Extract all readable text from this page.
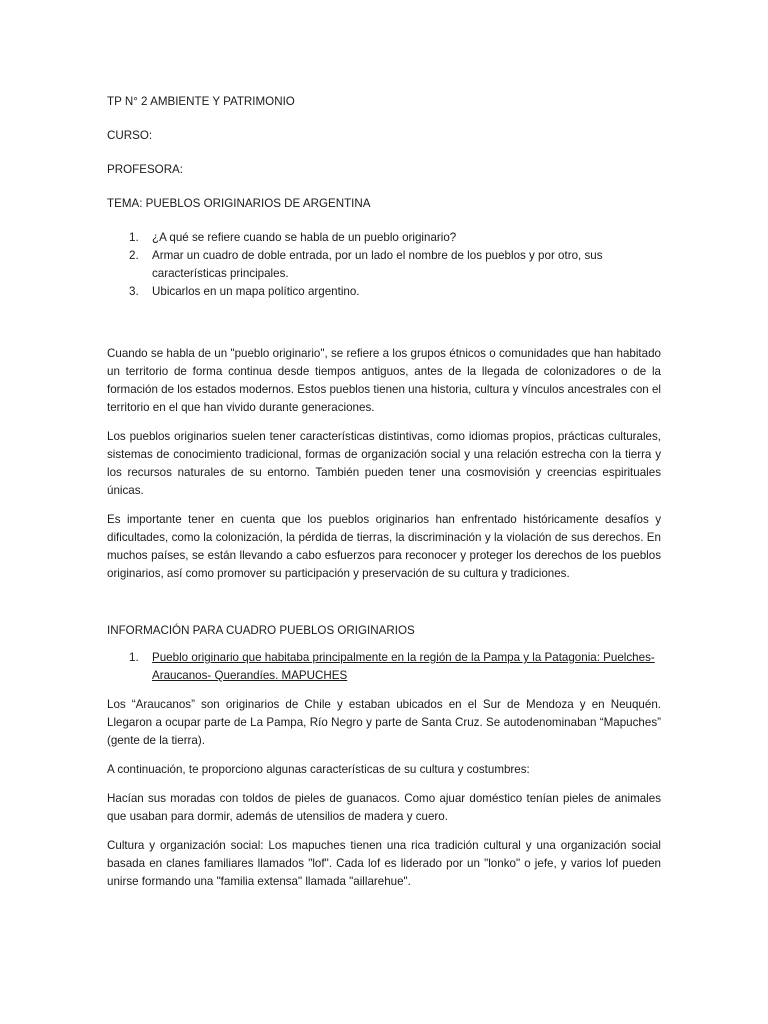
TP N° 2 AMBIENTE Y PATRIMONIO

CURSO:

PROFESORA:

TEMA: PUEBLOS ORIGINARIOS DE ARGENTINA

1. ¿A qué se refiere cuando se habla de un pueblo originario?
2. Armar un cuadro de doble entrada, por un lado el nombre de los pueblos y por otro, sus características principales.
3. Ubicarlos en un mapa político argentino.

Cuando se habla de un "pueblo originario", se refiere a los grupos étnicos o comunidades que han habitado un territorio de forma continua desde tiempos antiguos, antes de la llegada de colonizadores o de la formación de los estados modernos. Estos pueblos tienen una historia, cultura y vínculos ancestrales con el territorio en el que han vivido durante generaciones.

Los pueblos originarios suelen tener características distintivas, como idiomas propios, prácticas culturales, sistemas de conocimiento tradicional, formas de organización social y una relación estrecha con la tierra y los recursos naturales de su entorno. También pueden tener una cosmovisión y creencias espirituales únicas.

Es importante tener en cuenta que los pueblos originarios han enfrentado históricamente desafíos y dificultades, como la colonización, la pérdida de tierras, la discriminación y la violación de sus derechos. En muchos países, se están llevando a cabo esfuerzos para reconocer y proteger los derechos de los pueblos originarios, así como promover su participación y preservación de su cultura y tradiciones.

INFORMACIÓN PARA CUADRO PUEBLOS ORIGINARIOS

1. Pueblo originario que habitaba principalmente en la región de la Pampa y la Patagonia: Puelches- Araucanos- Querandíes. MAPUCHES

Los “Araucanos” son originarios de Chile y estaban ubicados en el Sur de Mendoza y en Neuquén. Llegaron a ocupar parte de La Pampa, Río Negro y parte de Santa Cruz. Se autodenominaban “Mapuches” (gente de la tierra).

A continuación, te proporciono algunas características de su cultura y costumbres:

Hacían sus moradas con toldos de pieles de guanacos. Como ajuar doméstico tenían pieles de animales que usaban para dormir, además de utensilios de madera y cuero.

Cultura y organización social: Los mapuches tienen una rica tradición cultural y una organización social basada en clanes familiares llamados "lof". Cada lof es liderado por un "lonko" o jefe, y varios lof pueden unirse formando una "familia extensa" llamada "aillarehue".
